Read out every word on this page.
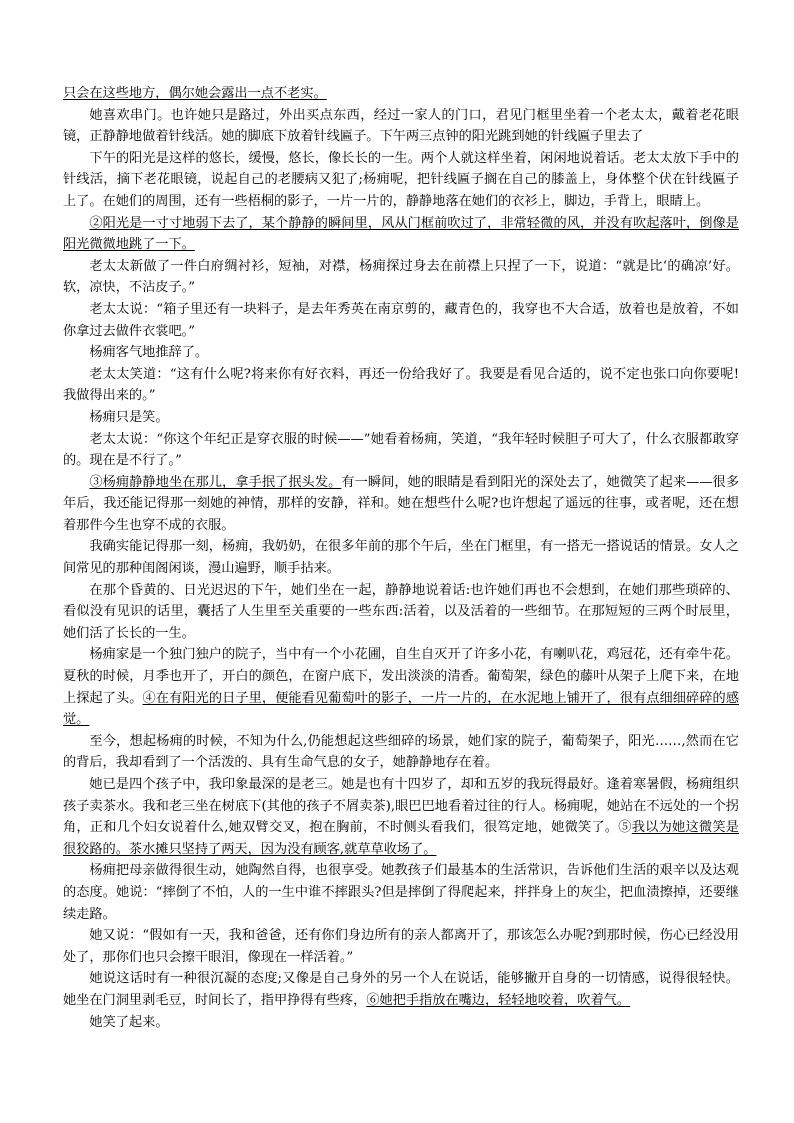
只会在这些地方，偶尔她会露出一点不老实。

她喜欢串门。也许她只是路过，外出买点东西，经过一家人的门口，君见门框里坐着一个老太太，戴着老花眼镜，正静静地做着针线活。她的脚底下放着针线匾子。下午两三点钟的阳光跳到她的针线匾子里去了

下午的阳光是这样的悠长，缓慢，悠长，像长长的一生。两个人就这样坐着，闲闲地说着话。老太太放下手中的针线活，摘下老花眼镜，说起自己的老腰病又犯了;杨痈呢，把针线匾子搁在自己的膝盖上，身体整个伏在针线匾子上了。在她们的周围，还有一些梧桐的影子，一片一片的，静静地落在她们的衣衫上，脚边，手背上，眼睛上。

②阳光是一寸寸地弱下去了，某个静静的瞬间里，风从门框前吹过了，非常轻微的风，并没有吹起落叶，倒像是阳光微微地跳了一下。

老太太新做了一件白府绸衬衫，短袖，对襟，杨痈探过身去在前襟上只捏了一下，说道：“就是比‘的确凉’好。软，凉快，不沾皮子。”

老太太说：“箱子里还有一块料子，是去年秀英在南京剪的，藏青色的，我穿也不大合适，放着也是放着，不如你拿过去做件衣裳吧。”

杨痈客气地推辞了。

老太太笑道：“这有什么呢?将来你有好衣料，再还一份给我好了。我要是看见合适的，说不定也张口向你要呢!我做得出来的。”

杨痈只是笑。

老太太说：“你这个年纪正是穿衣服的时候——”她看着杨痈，笑道，“我年轻时候胆子可大了，什么衣服都敢穿的。现在是不行了。”

③杨痈静静地坐在那儿，拿手抿了抿头发。有一瞬间，她的眼睛是看到阳光的深处去了，她微笑了起来——很多年后，我还能记得那一刻她的神情，那样的安静，祥和。她在想些什么呢?也许想起了遥远的往事，或者呢，还在想着那件今生也穿不成的衣服。

我确实能记得那一刻，杨痈，我奶奶，在很多年前的那个午后，坐在门框里，有一搭无一搭说话的情景。女人之间常见的那种闺阁闲谈，漫山遍野，顺手拈来。

在那个昏黄的、日光迟迟的下午，她们坐在一起，静静地说着话:也许她们再也不会想到，在她们那些琐碎的、看似没有见识的话里，囊括了人生里至关重要的一些东西:活着，以及活着的一些细节。在那短短的三两个时辰里，她们活了长长的一生。

杨痈家是一个独门独户的院子，当中有一个小花圃，自生自灭开了许多小花，有喇叭花，鸡冠花，还有牵牛花。夏秋的时候，月季也开了，开白的颜色，在窗户底下，发出淡淡的清香。葡萄架，绿色的藤叶从架子上爬下来，在地上探起了头。④在有阳光的日子里，便能看见葡萄叶的影子，一片一片的，在水泥地上铺开了，很有点细细碎碎的感觉。

至今，想起杨痈的时候，不知为什么,仍能想起这些细碎的场景，她们家的院子，葡萄架子，阳光……,然而在它的背后，我却看到了一个活泼的、具有生命气息的女子，她静静地存在着。

她已是四个孩子中，我印象最深的是老三。她是也有十四岁了，却和五岁的我玩得最好。逢着寒暑假，杨痈组织孩子卖茶水。我和老三坐在树底下(其他的孩子不屑卖茶),眼巴巴地看着过往的行人。杨痈呢，她站在不远处的一个拐角，正和几个妇女说着什么,她双臂交叉，抱在胸前，不时侧头看我们，很笃定地，她微笑了。⑤我以为她这微笑是很狡路的。茶水摊只坚持了两天，因为没有顾客,就草草收场了。

杨痈把母亲做得很生动，她陶然自得，也很享受。她教孩子们最基本的生活常识，告诉他们生活的艰辛以及达观的态度。她说：“摔倒了不怕，人的一生中谁不摔跟头?但是摔倒了得爬起来，拌拌身上的灰尘，把血渍擦掉，还要继续走路。

她又说：“假如有一天，我和爸爸，还有你们身边所有的亲人都离开了，那该怎么办呢?到那时候，伤心已经没用处了，那你们也只会擦干眼泪，像现在一样活着。”

她说这话时有一种很沉凝的态度;又像是自己身外的另一个人在说话，能够撇开自身的一切情感，说得很轻快。她坐在门洞里剥毛豆，时间长了，指甲挣得有些疼，⑥她把手指放在嘴边，轻轻地咬着，吹着气。

她笑了起来。
